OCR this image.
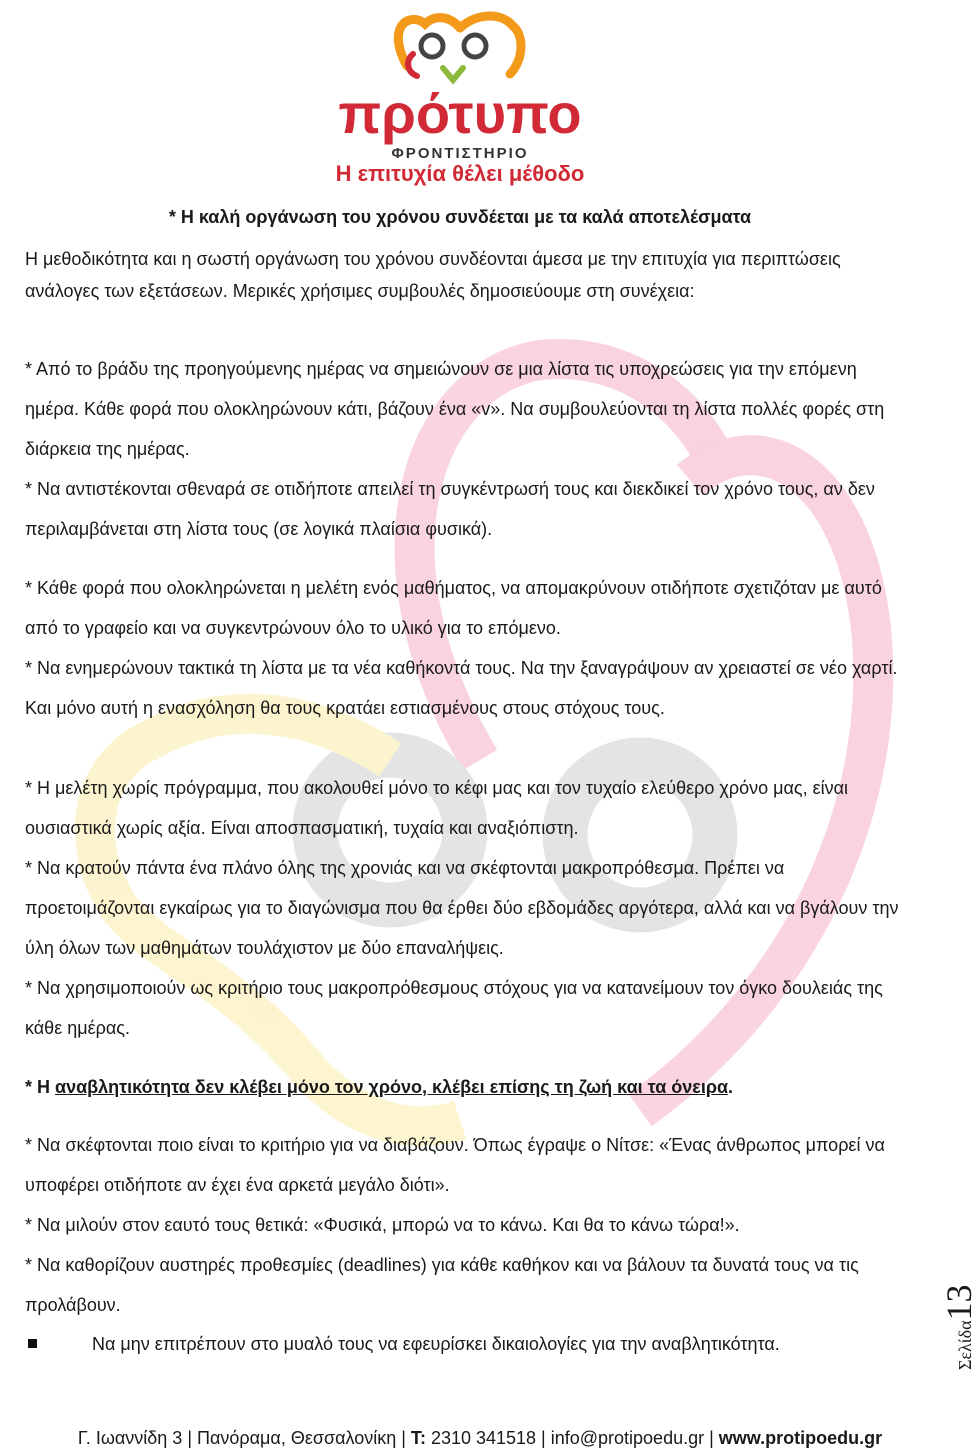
πρότυπο
ΦΡΟΝΤΙΣΤΗΡΙΟ
Η επιτυχία θέλει μέθοδο
* Η καλή οργάνωση του χρόνου συνδέεται με τα καλά αποτελέσματα

Η μεθοδικότητα και η σωστή οργάνωση του χρόνου συνδέονται άμεσα με την επιτυχία για περιπτώσεις ανάλογες των εξετάσεων. Μερικές χρήσιμες συμβουλές δημοσιεύουμε στη συνέχεια:

* Από το βράδυ της προηγούμενης ημέρας να σημειώνουν σε μια λίστα τις υποχρεώσεις για την επόμενη ημέρα. Κάθε φορά που ολοκληρώνουν κάτι, βάζουν ένα «v». Να συμβουλεύονται τη λίστα πολλές φορές στη διάρκεια της ημέρας.

* Να αντιστέκονται σθεναρά σε οτιδήποτε απειλεί τη συγκέντρωσή τους και διεκδικεί τον χρόνο τους, αν δεν περιλαμβάνεται στη λίστα τους (σε λογικά πλαίσια φυσικά).

* Κάθε φορά που ολοκληρώνεται η μελέτη ενός μαθήματος, να απομακρύνουν οτιδήποτε σχετιζόταν με αυτό από το γραφείο και να συγκεντρώνουν όλο το υλικό για το επόμενο.

* Να ενημερώνουν τακτικά τη λίστα με τα νέα καθήκοντά τους. Να την ξαναγράψουν αν χρειαστεί σε νέο χαρτί. Και μόνο αυτή η ενασχόληση θα τους κρατάει εστιασμένους στους στόχους τους.

* Η μελέτη χωρίς πρόγραμμα, που ακολουθεί μόνο το κέφι μας και τον τυχαίο ελεύθερο χρόνο μας, είναι ουσιαστικά χωρίς αξία. Είναι αποσπασματική, τυχαία και αναξιόπιστη.

* Να κρατούν πάντα ένα πλάνο όλης της χρονιάς και να σκέφτονται μακροπρόθεσμα. Πρέπει να προετοιμάζονται εγκαίρως για το διαγώνισμα που θα έρθει δύο εβδομάδες αργότερα, αλλά και να βγάλουν την ύλη όλων των μαθημάτων τουλάχιστον με δύο επαναλήψεις.

* Να χρησιμοποιούν ως κριτήριο τους μακροπρόθεσμους στόχους για να κατανείμουν τον όγκο δουλειάς της κάθε ημέρας.

* Η αναβλητικότητα δεν κλέβει μόνο τον χρόνο, κλέβει επίσης τη ζωή και τα όνειρα.

* Να σκέφτονται ποιο είναι το κριτήριο για να διαβάζουν. Όπως έγραψε ο Νίτσε: «Ένας άνθρωπος μπορεί να υποφέρει οτιδήποτε αν έχει ένα αρκετά μεγάλο διότι».

* Να μιλούν στον εαυτό τους θετικά: «Φυσικά, μπορώ να το κάνω. Και θα το κάνω τώρα!».

* Να καθορίζουν αυστηρές προθεσμίες (deadlines) για κάθε καθήκον και να βάλουν τα δυνατά τους να τις προλάβουν.

Να μην επιτρέπουν στο μυαλό τους να εφευρίσκει δικαιολογίες για την αναβλητικότητα.	Σελίδα13
Γ. Ιωαννίδη 3 | Πανόραμα, Θεσσαλονίκη | Τ: 2310 341518 | info@protipoedu.gr | www.protipoedu.gr
